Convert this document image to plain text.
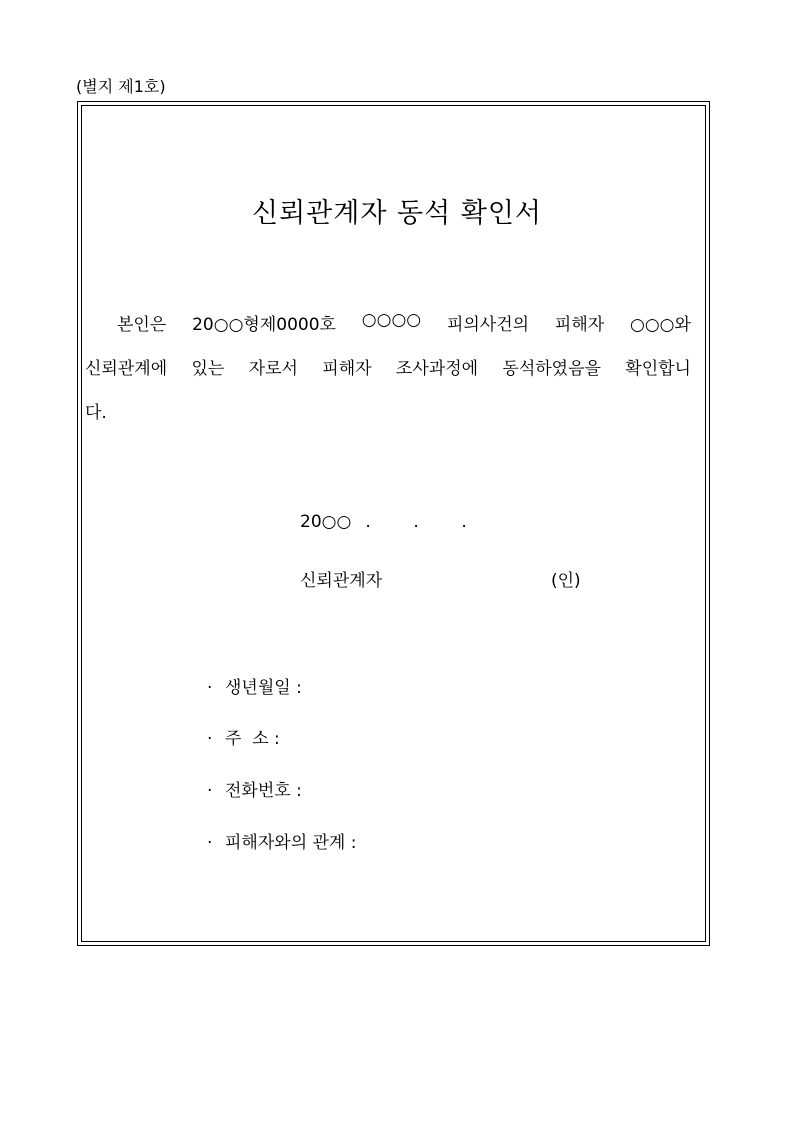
(별지 제1호)
신뢰관계자 동석 확인서
본인은 20○○형제0000호 ○○○○ 피의사건의 피해자 ○○○와
신뢰관계에 있는 자로서 피해자 조사과정에 동석하였음을 확인합니
다.
20○○ .	.	.
신뢰관계자	(인)
· 생년월일 :
· 주  소 :
· 전화번호 :
· 피해자와의 관계 :
